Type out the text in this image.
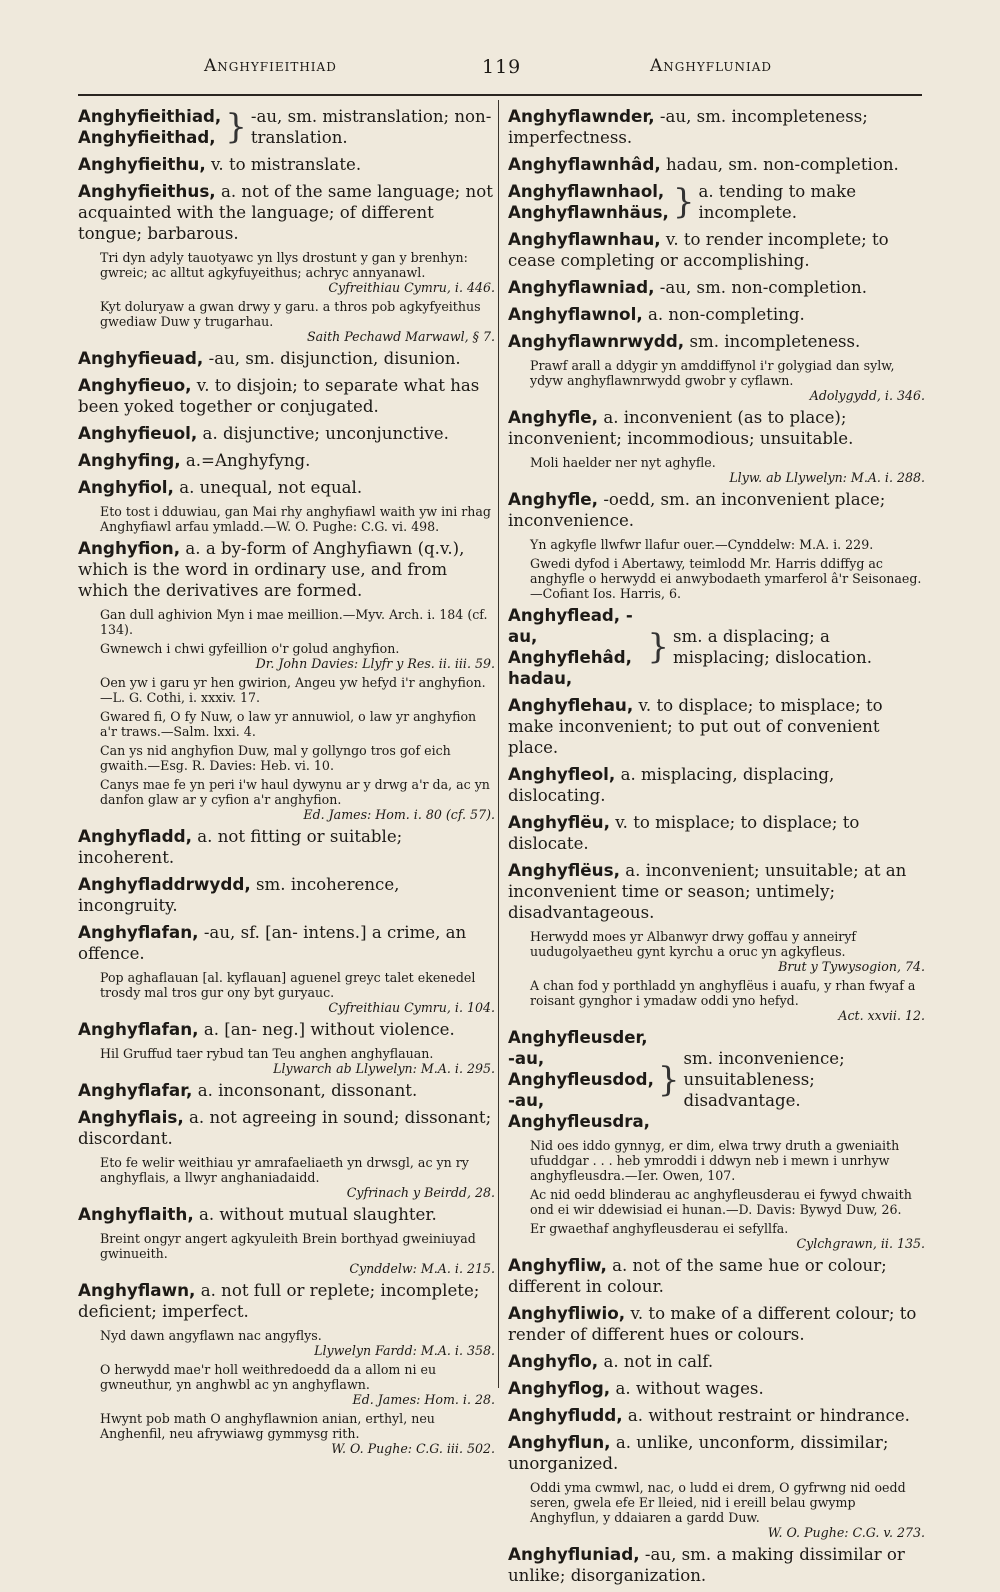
Anghyfieithiad	119	Anghyfluniad
Anghyfieithiad,
Anghyfieithad, } -au, sm. mistranslation; non-translation.
Anghyfieithu, v. to mistranslate.
Anghyfieithus, a. not of the same language; not acquainted with the language; of different tongue; barbarous.
Tri dyn adyly tauotyawc yn llys drostunt y gan y brenhyn: gwreic; ac alltut agkyfuyeithus; achryc annyanawl.
Cyfreithiau Cymru, i. 446.
Kyt doluryaw a gwan drwy y garu. a thros pob agkyfyeithus gwediaw Duw y trugarhau.
Saith Pechawd Marwawl, § 7.
Anghyfieuad, -au, sm. disjunction, disunion.
Anghyfieuo, v. to disjoin; to separate what has been yoked together or conjugated.
Anghyfieuol, a. disjunctive; unconjunctive.
Anghyfing, a.=Anghyfyng.
Anghyfiol, a. unequal, not equal.
Eto tost i dduwiau, gan Mai rhy anghyfiawl waith yw ini rhag Anghyfiawl arfau ymladd.—W. O. Pughe: C.G. vi. 498.
Anghyfion, a. a by-form of Anghyfiawn (q.v.), which is the word in ordinary use, and from which the derivatives are formed.
Gan dull aghivion Myn i mae meillion.—Myv. Arch. i. 184 (cf. 134).
Gwnewch i chwi gyfeillion o'r golud anghyfion.
Dr. John Davies: Llyfr y Res. ii. iii. 59.
Oen yw i garu yr hen gwirion, Angeu yw hefyd i'r anghyfion.—L. G. Cothi, i. xxxiv. 17.
Gwared fi, O fy Nuw, o law yr annuwiol, o law yr anghyfion a'r traws.—Salm. lxxi. 4.
Can ys nid anghyfion Duw, mal y gollyngo tros gof eich gwaith.—Esg. R. Davies: Heb. vi. 10.
Canys mae fe yn peri i'w haul dywynu ar y drwg a'r da, ac yn danfon glaw ar y cyfion a'r anghyfion.
Ed. James: Hom. i. 80 (cf. 57).
Anghyfladd, a. not fitting or suitable; incoherent.
Anghyfladdrwydd, sm. incoherence, incongruity.
Anghyflafan, -au, sf. [an- intens.] a crime, an offence.
Pop aghaflauan [al. kyflauan] aguenel greyc talet ekenedel trosdy mal tros gur ony byt guryauc.
Cyfreithiau Cymru, i. 104.
Anghyflafan, a. [an- neg.] without violence.
Hil Gruffud taer rybud tan Teu anghen anghyflauan.
Llywarch ab Llywelyn: M.A. i. 295.
Anghyflafar, a. inconsonant, dissonant.
Anghyflais, a. not agreeing in sound; dissonant; discordant.
Eto fe welir weithiau yr amrafaeliaeth yn drwsgl, ac yn ry anghyflais, a llwyr anghaniadaidd.
Cyfrinach y Beirdd, 28.
Anghyflaith, a. without mutual slaughter.
Breint ongyr angert agkyuleith Brein borthyad gweiniuyad gwinueith.
Cynddelw: M.A. i. 215.
Anghyflawn, a. not full or replete; incomplete; deficient; imperfect.
Nyd dawn angyflawn nac angyflys.
Llywelyn Fardd: M.A. i. 358.
O herwydd mae'r holl weithredoedd da a allom ni eu gwneuthur, yn anghwbl ac yn anghyflawn.
Ed. James: Hom. i. 28.
Hwynt pob math O anghyflawnion anian, erthyl, neu Anghenfil, neu afrywiawg gymmysg rith.
W. O. Pughe: C.G. iii. 502.
Anghyflawnder, -au, sm. incompleteness; imperfectness.
Anghyflawnhâd, hadau, sm. non-completion.
Anghyflawnhaol,
Anghyflawnhäus, } a. tending to make incomplete.
Anghyflawnhau, v. to render incomplete; to cease completing or accomplishing.
Anghyflawniad, -au, sm. non-completion.
Anghyflawnol, a. non-completing.
Anghyflawnrwydd, sm. incompleteness.
Prawf arall a ddygir yn amddiffynol i'r golygiad dan sylw, ydyw anghyflawnrwydd gwobr y cyflawn.
Adolygydd, i. 346.
Anghyfle, a. inconvenient (as to place); inconvenient; incommodious; unsuitable.
Moli haelder ner nyt aghyfle.
Llyw. ab Llywelyn: M.A. i. 288.
Anghyfle, -oedd, sm. an inconvenient place; inconvenience.
Yn agkyfle llwfwr llafur ouer.—Cynddelw: M.A. i. 229.
Gwedi dyfod i Abertawy, teimlodd Mr. Harris ddiffyg ac anghyfle o herwydd ei anwybodaeth ymarferol â'r Seisonaeg.—Cofiant Ios. Harris, 6.
Anghyflead, -au,
Anghyflehâd, hadau,
} sm. a displacing; a misplacing; dislocation.
Anghyflehau, v. to displace; to misplace; to make inconvenient; to put out of convenient place.
Anghyfleol, a. misplacing, displacing, dislocating.
Anghyflëu, v. to misplace; to displace; to dislocate.
Anghyflëus, a. inconvenient; unsuitable; at an inconvenient time or season; untimely; disadvantageous.
Herwydd moes yr Albanwyr drwy goffau y anneiryf uudugolyaetheu gynt kyrchu a oruc yn agkyfleus.
Brut y Tywysogion, 74.
A chan fod y porthladd yn anghyflëus i auafu, y rhan fwyaf a roisant gynghor i ymadaw oddi yno hefyd.
Act. xxvii. 12.
Anghyfleusder, -au,
Anghyfleusdod, -au,
Anghyfleusdra,
}
sm. inconvenience; unsuitableness; disadvantage.
Nid oes iddo gynnyg, er dim, elwa trwy druth a gweniaith ufuddgar . . . heb ymroddi i ddwyn neb i mewn i unrhyw anghyfleusdra.—Ier. Owen, 107.
Ac nid oedd blinderau ac anghyfleusderau ei fywyd chwaith ond ei wir ddewisiad ei hunan.—D. Davis: Bywyd Duw, 26.
Er gwaethaf anghyfleusderau ei sefyllfa.
Cylchgrawn, ii. 135.
Anghyfliw, a. not of the same hue or colour; different in colour.
Anghyfliwio, v. to make of a different colour; to render of different hues or colours.
Anghyflo, a. not in calf.
Anghyflog, a. without wages.
Anghyfludd, a. without restraint or hindrance.
Anghyflun, a. unlike, unconform, dissimilar; unorganized.
Oddi yma cwmwl, nac, o ludd ei drem, O gyfrwng nid oedd seren, gwela efe Er lleied, nid i ereill belau gwymp Anghyflun, y ddaiaren a gardd Duw.
W. O. Pughe: C.G. v. 273.
Anghyfluniad, -au, sm. a making dissimilar or unlike; disorganization.
